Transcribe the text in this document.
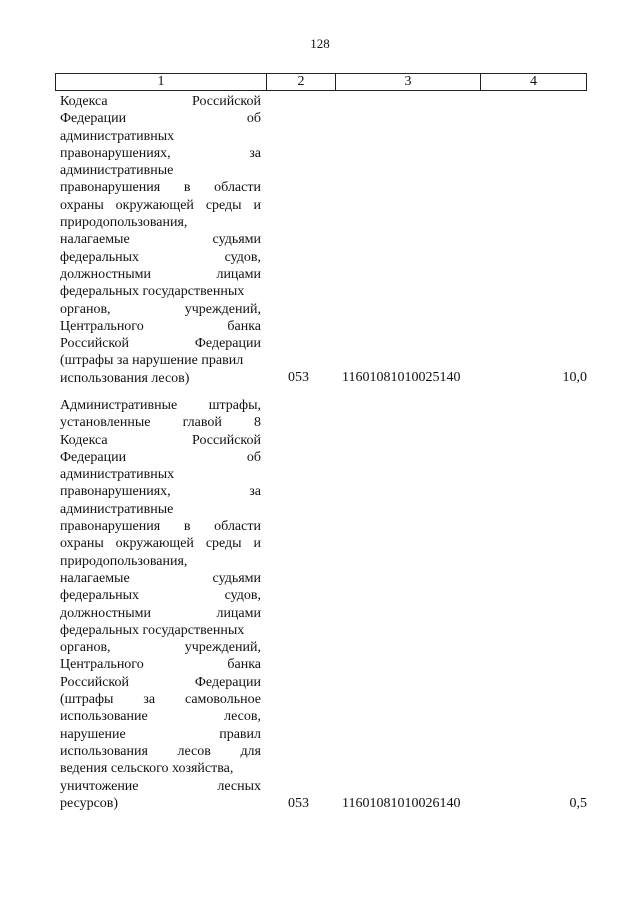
128
1	2	3	4
Кодекса	Российской
Федерации	об
административных
правонарушениях,	за
административные
правонарушения в области
охраны окружающей среды и
природопользования,
налагаемые	судьями
федеральных	судов,
должностными	лицами
федеральных государственных
органов,	учреждений,
Центрального	банка
Российской	Федерации
(штрафы за нарушение правил
использования лесов)	053 11601081010025140	10,0
Административные штрафы,
установленные главой 8
Кодекса	Российской
Федерации	об
административных
правонарушениях,	за
административные
правонарушения в области
охраны окружающей среды и
природопользования,
налагаемые	судьями
федеральных	судов,
должностными	лицами
федеральных государственных
органов,	учреждений,
Центрального	банка
Российской	Федерации
(штрафы за самовольное
использование	лесов,
нарушение	правил
использования лесов для
ведения сельского хозяйства,
уничтожение	лесных
ресурсов)	053 11601081010026140	0,5
